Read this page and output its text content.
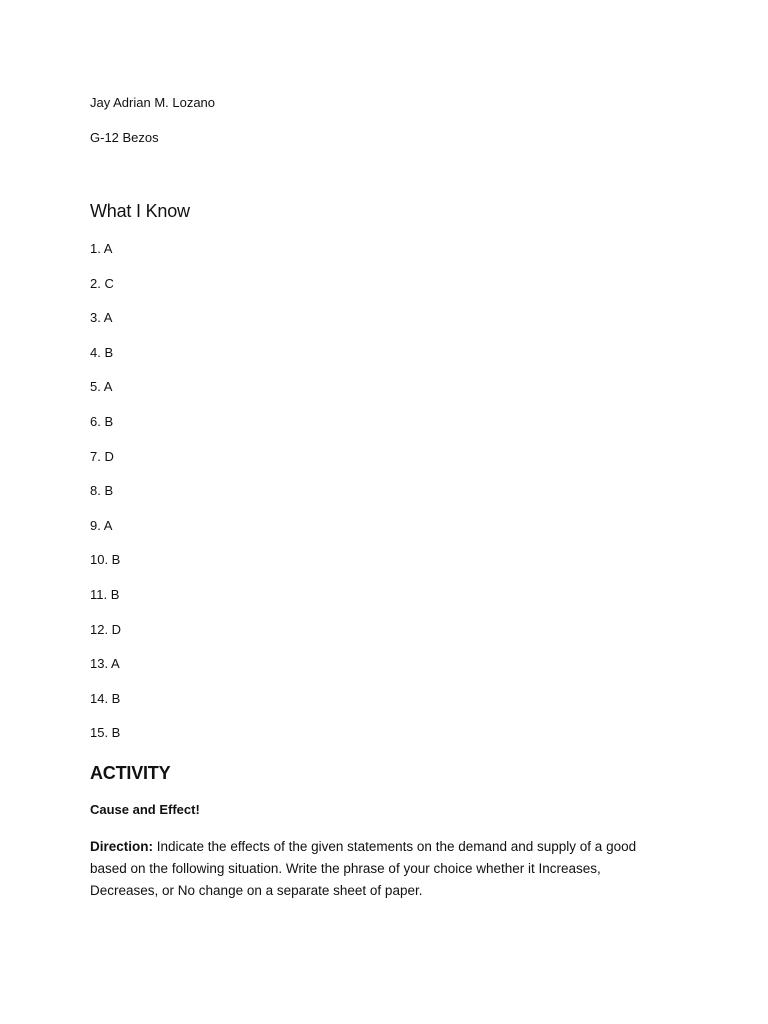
Jay Adrian M. Lozano
G-12 Bezos
What I Know
1. A
2. C
3. A
4. B
5. A
6. B
7. D
8. B
9. A
10. B
11. B
12. D
13. A
14. B
15. B
ACTIVITY
Cause and Effect!
Direction: Indicate the effects of the given statements on the demand and supply of a good based on the following situation. Write the phrase of your choice whether it Increases, Decreases, or No change on a separate sheet of paper.
